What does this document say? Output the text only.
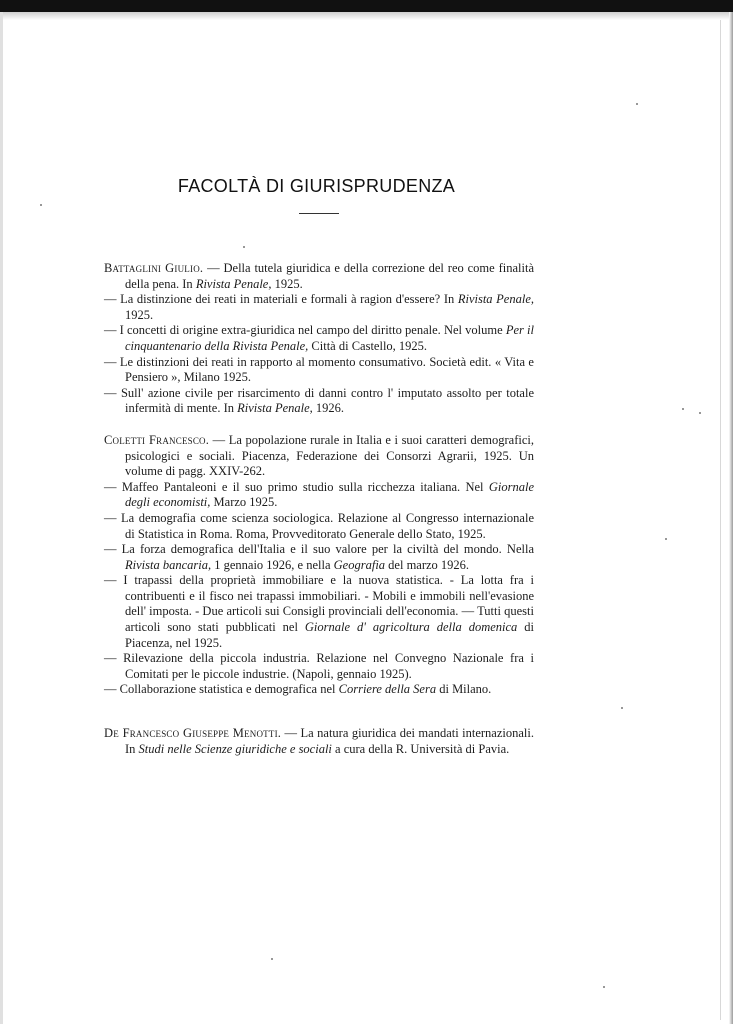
FACOLTÀ DI GIURISPRUDENZA
Battaglini Giulio. — Della tutela giuridica e della correzione del reo come finalità della pena. In Rivista Penale, 1925.
— La distinzione dei reati in materiali e formali à ragion d'essere? In Rivista Penale, 1925.
— I concetti di origine extra-giuridica nel campo del diritto penale. Nel volume Per il cinquantenario della Rivista Penale, Città di Castello, 1925.
— Le distinzioni dei reati in rapporto al momento consumativo. Società edit. « Vita e Pensiero », Milano 1925.
— Sull' azione civile per risarcimento di danni contro l' imputato assolto per totale infermità di mente. In Rivista Penale, 1926.
Coletti Francesco. — La popolazione rurale in Italia e i suoi caratteri demografici, psicologici e sociali. Piacenza, Federazione dei Consorzi Agrarii, 1925. Un volume di pagg. XXIV-262.
— Maffeo Pantaleoni e il suo primo studio sulla ricchezza italiana. Nel Giornale degli economisti, Marzo 1925.
— La demografia come scienza sociologica. Relazione al Congresso internazionale di Statistica in Roma. Roma, Provveditorato Generale dello Stato, 1925.
— La forza demografica dell'Italia e il suo valore per la civiltà del mondo. Nella Rivista bancaria, 1 gennaio 1926, e nella Geografia del marzo 1926.
— I trapassi della proprietà immobiliare e la nuova statistica. - La lotta fra i contribuenti e il fisco nei trapassi immobiliari. - Mobili e immobili nell'evasione dell' imposta. - Due articoli sui Consigli provinciali dell'economia. — Tutti questi articoli sono stati pubblicati nel Giornale d' agricoltura della domenica di Piacenza, nel 1925.
— Rilevazione della piccola industria. Relazione nel Convegno Nazionale fra i Comitati per le piccole industrie. (Napoli, gennaio 1925).
— Collaborazione statistica e demografica nel Corriere della Sera di Milano.
De Francesco Giuseppe Menotti. — La natura giuridica dei mandati internazionali. In Studi nelle Scienze giuridiche e sociali a cura della R. Università di Pavia.
